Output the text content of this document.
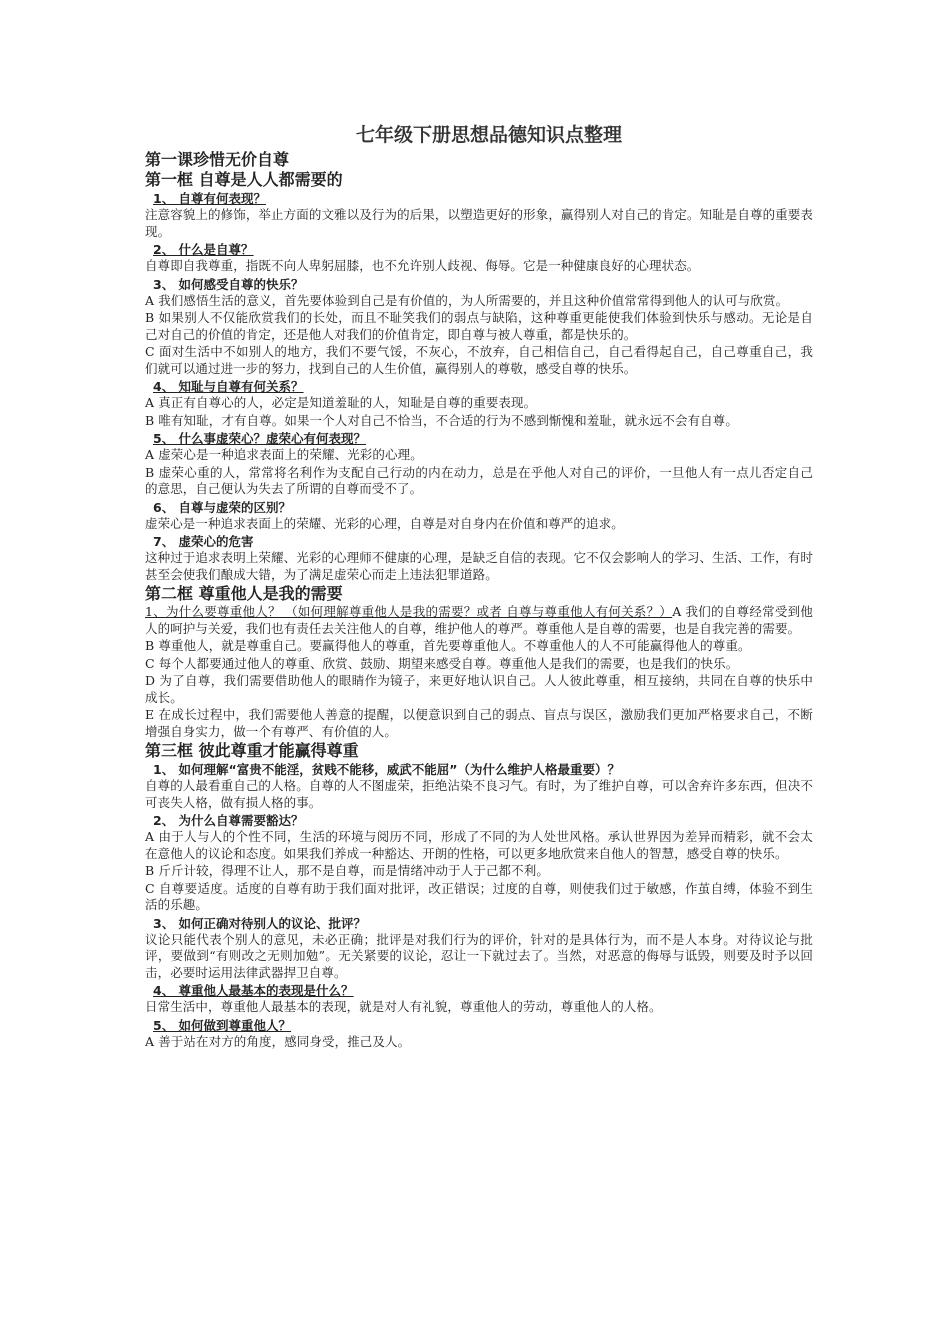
七年级下册思想品德知识点整理
第一课珍惜无价自尊
第一框 自尊是人人都需要的
1、 自尊有何表现？

注意容貌上的修饰，举止方面的文雅以及行为的后果，以塑造更好的形象，赢得别人对自己的肯定。知耻是自尊的重要表现。

2、 什么是自尊？

自尊即自我尊重，指既不向人卑躬屈膝，也不允许别人歧视、侮辱。它是一种健康良好的心理状态。

3、 如何感受自尊的快乐？

A 我们感悟生活的意义，首先要体验到自己是有价值的，为人所需要的，并且这种价值常常得到他人的认可与欣赏。

B 如果别人不仅能欣赏我们的长处，而且不耻笑我们的弱点与缺陷，这种尊重更能使我们体验到快乐与感动。无论是自己对自己的价值的肯定，还是他人对我们的价值肯定，即自尊与被人尊重，都是快乐的。

C 面对生活中不如别人的地方，我们不要气馁，不灰心，不放弃，自己相信自己，自己看得起自己，自己尊重自己，我们就可以通过进一步的努力，找到自己的人生价值，赢得别人的尊敬，感受自尊的快乐。

4、 知耻与自尊有何关系？

A 真正有自尊心的人，必定是知道羞耻的人，知耻是自尊的重要表现。

B 唯有知耻，才有自尊。如果一个人对自己不恰当，不合适的行为不感到惭愧和羞耻，就永远不会有自尊。

5、 什么事虚荣心？虚荣心有何表现？

A 虚荣心是一种追求表面上的荣耀、光彩的心理。

B 虚荣心重的人，常常将名利作为支配自己行动的内在动力，总是在乎他人对自己的评价，一旦他人有一点儿否定自己的意思，自己便认为失去了所谓的自尊而受不了。

6、 自尊与虚荣的区别？

虚荣心是一种追求表面上的荣耀、光彩的心理，自尊是对自身内在价值和尊严的追求。

7、 虚荣心的危害

这种过于追求表明上荣耀、光彩的心理师不健康的心理，是缺乏自信的表现。它不仅会影响人的学习、生活、工作，有时甚至会使我们酿成大错，为了满足虚荣心而走上违法犯罪道路。

第二框 尊重他人是我的需要

1、为什么要尊重他人？ （如何理解尊重他人是我的需要？或者 自尊与尊重他人有何关系？）A 我们的自尊经常受到他人的呵护与关爱，我们也有责任去关注他人的自尊，维护他人的尊严。尊重他人是自尊的需要，也是自我完善的需要。

B 尊重他人，就是尊重自己。要赢得他人的尊重，首先要尊重他人。不尊重他人的人不可能赢得他人的尊重。

C 每个人都要通过他人的尊重、欣赏、鼓励、期望来感受自尊。尊重他人是我们的需要，也是我们的快乐。

D 为了自尊，我们需要借助他人的眼睛作为镜子，来更好地认识自己。人人彼此尊重，相互接纳，共同在自尊的快乐中成长。

E 在成长过程中，我们需要他人善意的提醒，以便意识到自己的弱点、盲点与误区，激励我们更加严格要求自己，不断增强自身实力，做一个有尊严、有价值的人。

第三框 彼此尊重才能赢得尊重
1、 如何理解“富贵不能淫，贫贱不能移，威武不能屈”（为什么维护人格最重要）？

自尊的人最看重自己的人格。自尊的人不图虚荣，拒绝沾染不良习气。有时，为了维护自尊，可以舍弃许多东西，但决不可丧失人格，做有损人格的事。

2、 为什么自尊需要豁达？

A 由于人与人的个性不同，生活的环境与阅历不同，形成了不同的为人处世风格。承认世界因为差异而精彩，就不会太在意他人的议论和态度。如果我们养成一种豁达、开朗的性格，可以更多地欣赏来自他人的智慧，感受自尊的快乐。

B 斤斤计较，得理不让人，那不是自尊，而是情绪冲动于人于己都不利。

C 自尊要适度。适度的自尊有助于我们面对批评，改正错误；过度的自尊，则使我们过于敏感，作茧自缚，体验不到生活的乐趣。

3、 如何正确对待别人的议论、批评？

议论只能代表个别人的意见，未必正确；批评是对我们行为的评价，针对的是具体行为，而不是人本身。对待议论与批评，要做到“有则改之无则加勉”。无关紧要的议论，忍让一下就过去了。当然，对恶意的侮辱与诋毁，则要及时予以回击，必要时运用法律武器捍卫自尊。

4、 尊重他人最基本的表现是什么？

日常生活中，尊重他人最基本的表现，就是对人有礼貌，尊重他人的劳动，尊重他人的人格。

5、 如何做到尊重他人？

A 善于站在对方的角度，感同身受，推己及人。
